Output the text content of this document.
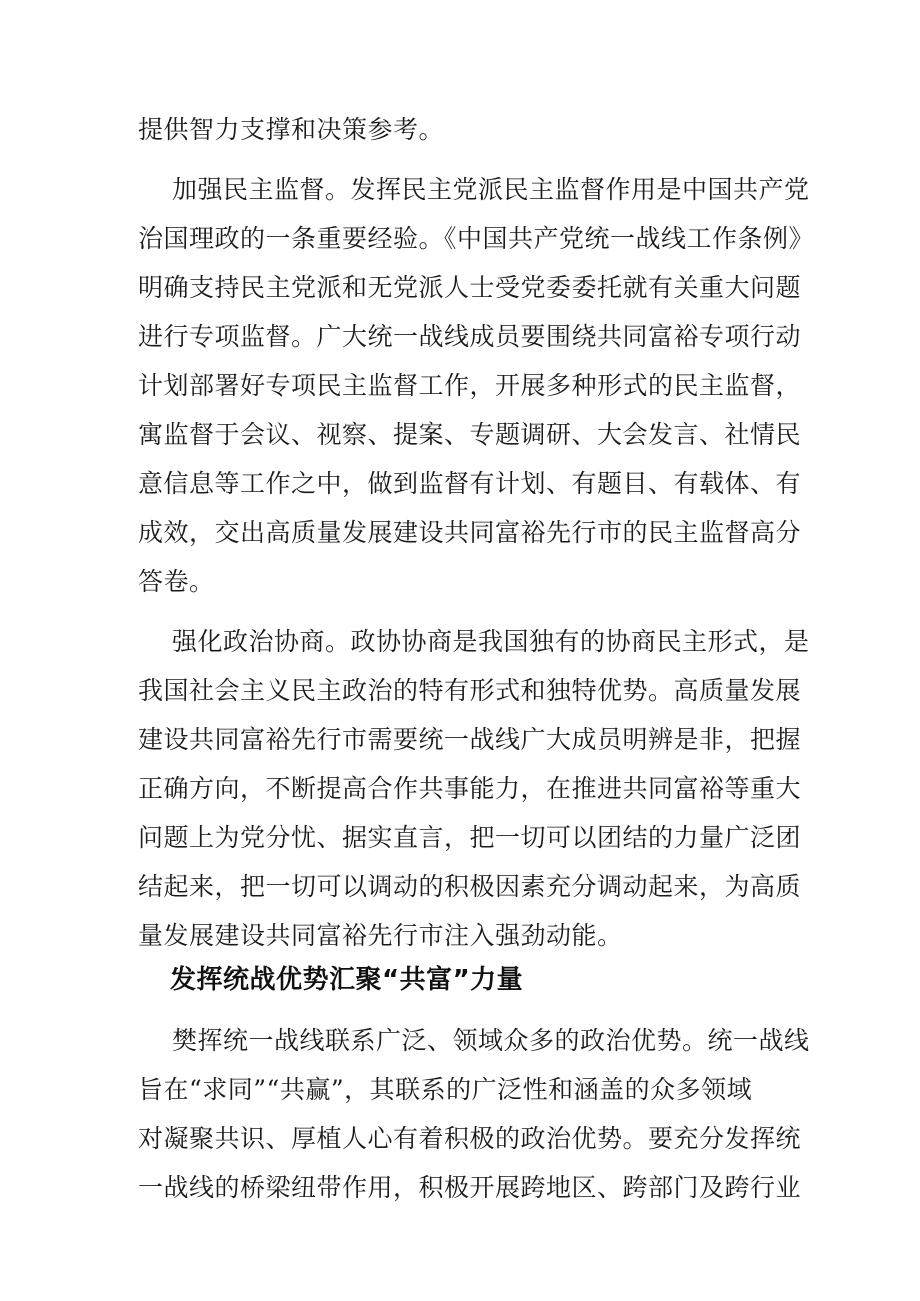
提供智力支撑和决策参考。
加强民主监督。发挥民主党派民主监督作用是中国共产党
治国理政的一条重要经验。《中国共产党统一战线工作条例》
明确支持民主党派和无党派人士受党委委托就有关重大问题
进行专项监督。广大统一战线成员要围绕共同富裕专项行动
计划部署好专项民主监督工作，开展多种形式的民主监督，
寓监督于会议、视察、提案、专题调研、大会发言、社情民
意信息等工作之中，做到监督有计划、有题目、有载体、有
成效，交出高质量发展建设共同富裕先行市的民主监督高分
答卷。
强化政治协商。政协协商是我国独有的协商民主形式，是
我国社会主义民主政治的特有形式和独特优势。高质量发展
建设共同富裕先行市需要统一战线广大成员明辨是非，把握
正确方向，不断提高合作共事能力，在推进共同富裕等重大
问题上为党分忧、据实直言，把一切可以团结的力量广泛团
结起来，把一切可以调动的积极因素充分调动起来，为高质
量发展建设共同富裕先行市注入强劲动能。
发挥统战优势汇聚“共富”力量
樊挥统一战线联系广泛、领域众多的政治优势。统一战线
旨在“求同”“共赢”，其联系的广泛性和涵盖的众多领域
对凝聚共识、厚植人心有着积极的政治优势。要充分发挥统
一战线的桥梁纽带作用，积极开展跨地区、跨部门及跨行业
